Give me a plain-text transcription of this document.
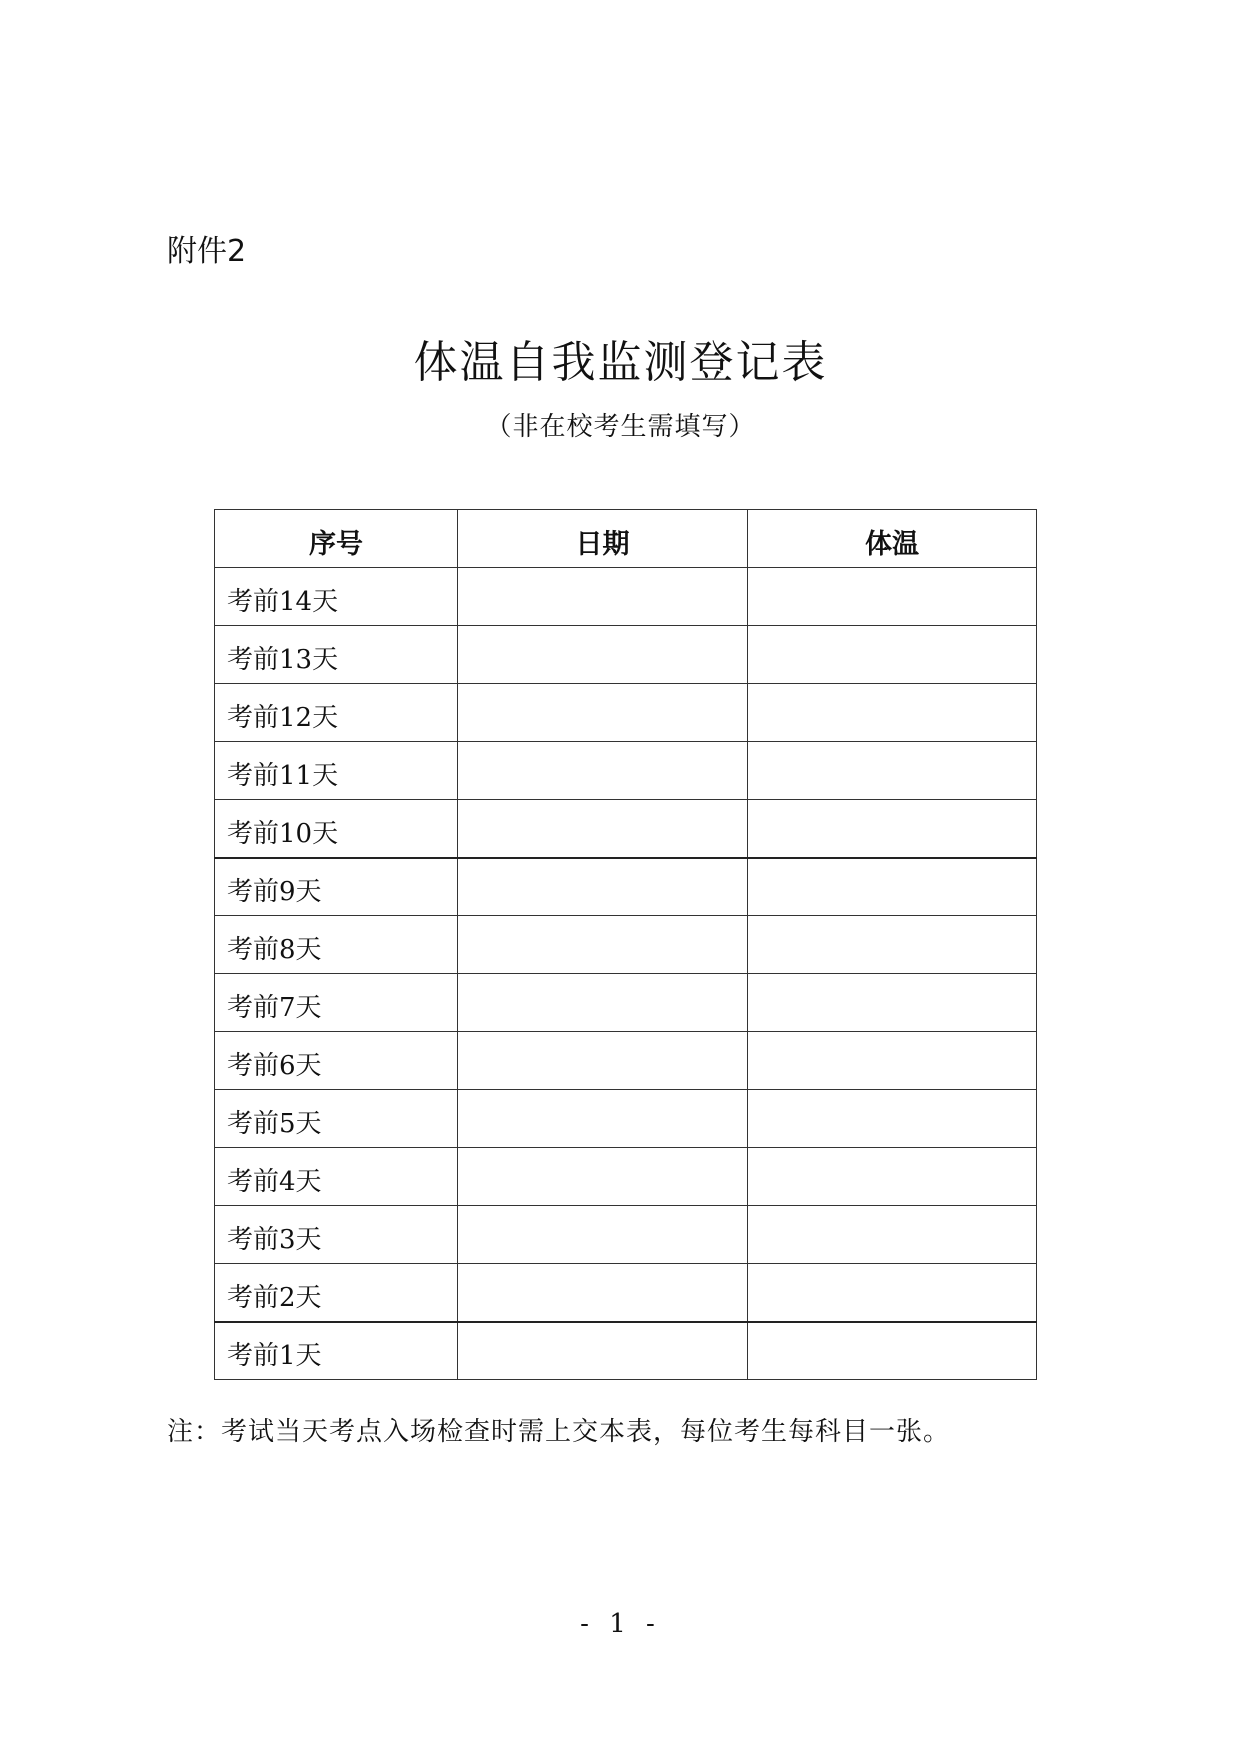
附件2
体温自我监测登记表
（非在校考生需填写）
序号	日期	体温
考前14天		
考前13天		
考前12天		
考前11天		
考前10天		
考前9天		
考前8天		
考前7天		
考前6天		
考前5天		
考前4天		
考前3天		
考前2天		
考前1天		
注：考试当天考点入场检查时需上交本表，每位考生每科目一张。
- 1 -
